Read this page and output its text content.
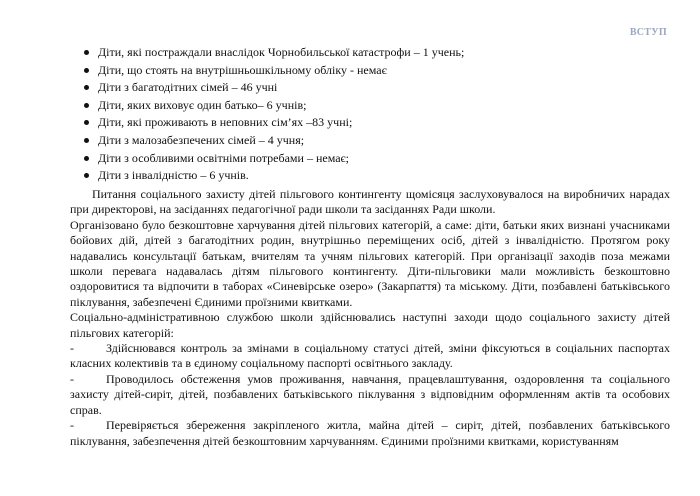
ВСТУП
Діти, які постраждали внаслідок Чорнобильської катастрофи – 1 учень;
Діти, що стоять на внутрішньошкільному обліку - немає
Діти з багатодітних сімей – 46 учні
Діти, яких виховує один батько– 6 учнів;
Діти, які проживають в неповних сім’ях –83 учні;
Діти з малозабезпечених сімей – 4 учня;
Діти з особливими освітніми потребами – немає;
Діти з інвалідністю – 6 учнів.

Питання соціального захисту дітей пільгового контингенту щомісяця заслуховувалося на виробничих нарадах при директорові, на засіданнях педагогічної ради школи та засіданнях Ради школи.

Організовано було безкоштовне харчування дітей пільгових категорій, а саме: діти, батьки яких визнані учасниками бойових дій, дітей з багатодітних родин, внутрішньо переміщених осіб, дітей з інвалідністю. Протягом року надавались консультації батькам, вчителям та учням пільгових категорій. При організації заходів поза межами школи перевага надавалась дітям пільгового контингенту. Діти-пільговики мали можливість безкоштовно оздоровитися та відпочити в таборах «Синевірське озеро» (Закарпаття) та міському. Діти, позбавлені батьківського піклування, забезпечені Єдиними проїзними квитками.

Соціально-адміністративною службою школи здійснювались наступні заходи щодо соціального захисту дітей пільгових категорій:

-	Здійснювався контроль за змінами в соціальному статусі дітей, зміни фіксуються в соціальних паспортах класних колективів та в єдиному соціальному паспорті освітнього закладу.

-	Проводилось обстеження умов проживання, навчання, працевлаштування, оздоровлення та соціального захисту дітей-сиріт, дітей, позбавлених батьківського піклування з відповідним оформленням актів та особових справ.

-	Перевіряється збереження закріпленого житла, майна дітей – сиріт, дітей, позбавлених батьківського піклування, забезпечення дітей безкоштовним харчуванням. Єдиними проїзними квитками, користуванням
